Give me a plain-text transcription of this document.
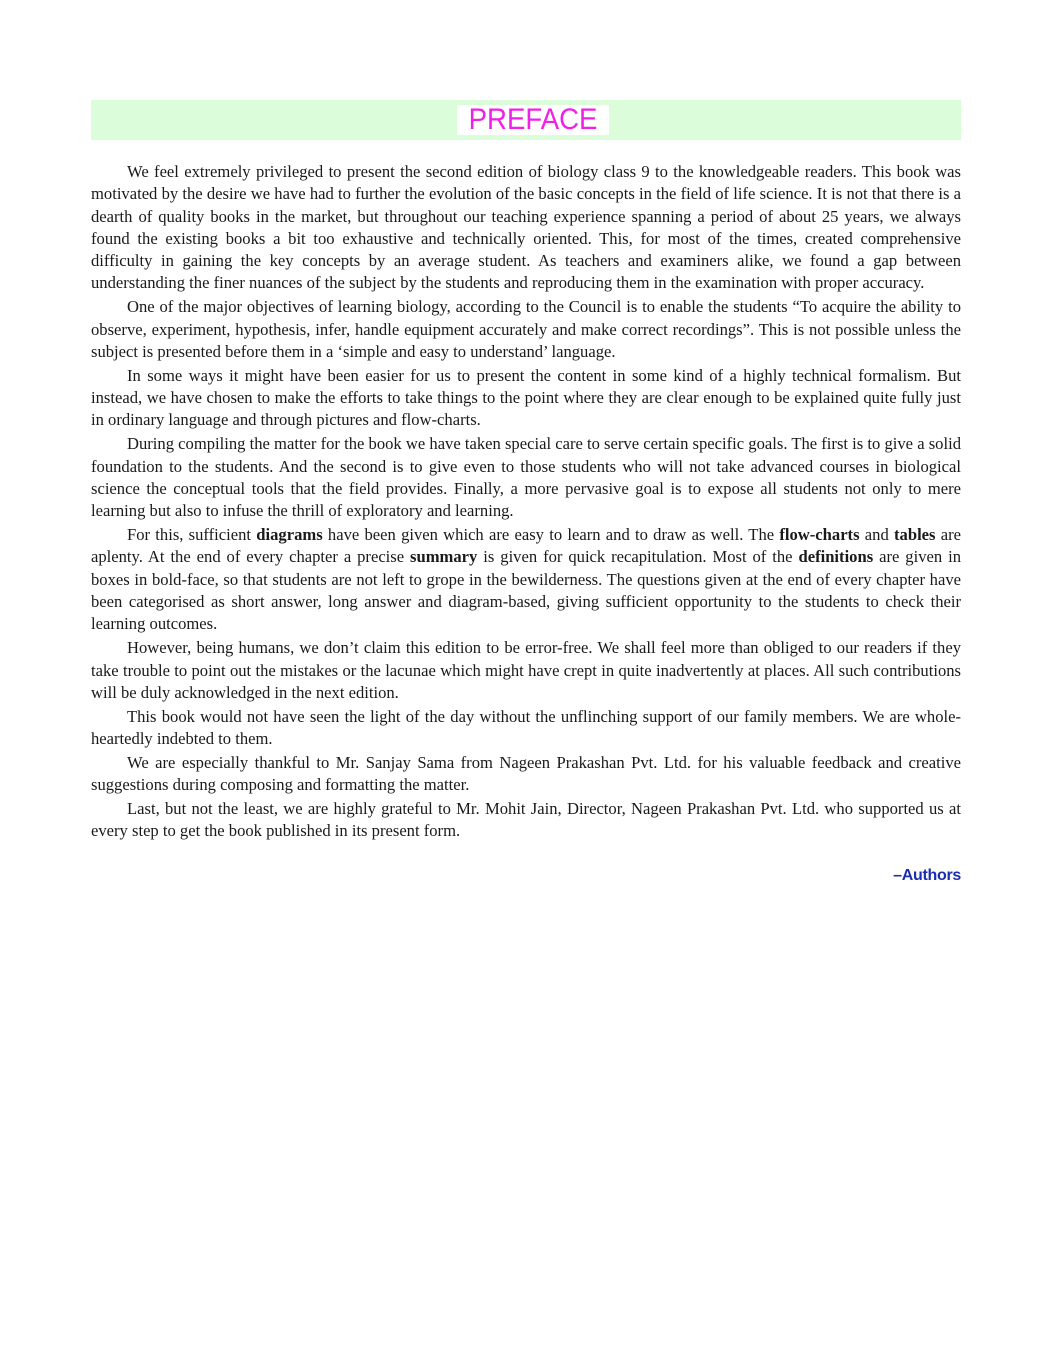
PREFACE

We feel extremely privileged to present the second edition of biology class 9 to the knowledgeable readers. This book was motivated by the desire we have had to further the evolution of the basic concepts in the field of life science. It is not that there is a dearth of quality books in the market, but throughout our teaching experience spanning a period of about 25 years, we always found the existing books a bit too exhaustive and technically oriented. This, for most of the times, created comprehensive difficulty in gaining the key concepts by an average student. As teachers and examiners alike, we found a gap between understanding the finer nuances of the subject by the students and reproducing them in the examination with proper accuracy.

One of the major objectives of learning biology, according to the Council is to enable the students “To acquire the ability to observe, experiment, hypothesis, infer, handle equipment accurately and make correct recordings”. This is not possible unless the subject is presented before them in a ‘simple and easy to understand’ language.

In some ways it might have been easier for us to present the content in some kind of a highly technical formalism. But instead, we have chosen to make the efforts to take things to the point where they are clear enough to be explained quite fully just in ordinary language and through pictures and flow-charts.

During compiling the matter for the book we have taken special care to serve certain specific goals. The first is to give a solid foundation to the students. And the second is to give even to those students who will not take advanced courses in biological science the conceptual tools that the field provides. Finally, a more pervasive goal is to expose all students not only to mere learning but also to infuse the thrill of exploratory and learning.

For this, sufficient diagrams have been given which are easy to learn and to draw as well. The flow-charts and tables are aplenty. At the end of every chapter a precise summary is given for quick recapitulation. Most of the definitions are given in boxes in bold-face, so that students are not left to grope in the bewilderness. The questions given at the end of every chapter have been categorised as short answer, long answer and diagram-based, giving sufficient opportunity to the students to check their learning outcomes.

However, being humans, we don’t claim this edition to be error-free. We shall feel more than obliged to our readers if they take trouble to point out the mistakes or the lacunae which might have crept in quite inadvertently at places. All such contributions will be duly acknowledged in the next edition.

This book would not have seen the light of the day without the unflinching support of our family members. We are whole-heartedly indebted to them.

We are especially thankful to Mr. Sanjay Sama from Nageen Prakashan Pvt. Ltd. for his valuable feedback and creative suggestions during composing and formatting the matter.

Last, but not the least, we are highly grateful to Mr. Mohit Jain, Director, Nageen Prakashan Pvt. Ltd. who supported us at every step to get the book published in its present form.

–Authors
